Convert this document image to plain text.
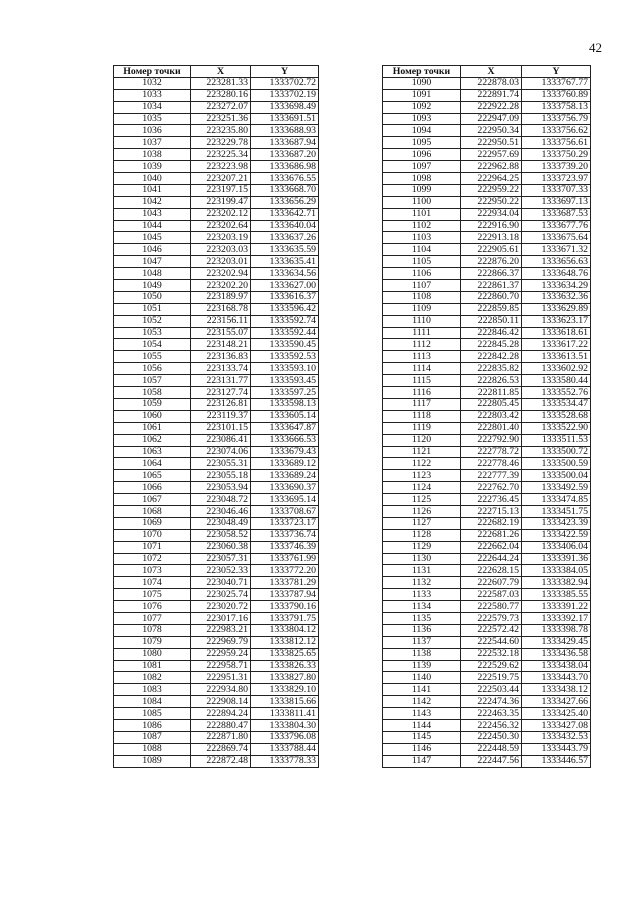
42
Номер точки	X	Y
1032	223281.33	1333702.72
1033	223280.16	1333702.19
1034	223272.07	1333698.49
1035	223251.36	1333691.51
1036	223235.80	1333688.93
1037	223229.78	1333687.94
1038	223225.34	1333687.20
1039	223223.98	1333686.98
1040	223207.21	1333676.55
1041	223197.15	1333668.70
1042	223199.47	1333656.29
1043	223202.12	1333642.71
1044	223202.64	1333640.04
1045	223203.19	1333637.26
1046	223203.03	1333635.59
1047	223203.01	1333635.41
1048	223202.94	1333634.56
1049	223202.20	1333627.00
1050	223189.97	1333616.37
1051	223168.78	1333596.42
1052	223156.11	1333592.74
1053	223155.07	1333592.44
1054	223148.21	1333590.45
1055	223136.83	1333592.53
1056	223133.74	1333593.10
1057	223131.77	1333593.45
1058	223127.74	1333597.25
1059	223126.81	1333598.13
1060	223119.37	1333605.14
1061	223101.15	1333647.87
1062	223086.41	1333666.53
1063	223074.06	1333679.43
1064	223055.31	1333689.12
1065	223055.18	1333689.24
1066	223053.94	1333690.37
1067	223048.72	1333695.14
1068	223046.46	1333708.67
1069	223048.49	1333723.17
1070	223058.52	1333736.74
1071	223060.38	1333746.39
1072	223057.31	1333761.99
1073	223052.33	1333772.20
1074	223040.71	1333781.29
1075	223025.74	1333787.94
1076	223020.72	1333790.16
1077	223017.16	1333791.75
1078	222983.21	1333804.12
1079	222969.79	1333812.12
1080	222959.24	1333825.65
1081	222958.71	1333826.33
1082	222951.31	1333827.80
1083	222934.80	1333829.10
1084	222908.14	1333815.66
1085	222894.24	1333811.41
1086	222880.47	1333804.30
1087	222871.80	1333796.08
1088	222869.74	1333788.44
1089	222872.48	1333778.33
Номер точки	X	Y
1090	222878.03	1333767.77
1091	222891.74	1333760.89
1092	222922.28	1333758.13
1093	222947.09	1333756.79
1094	222950.34	1333756.62
1095	222950.51	1333756.61
1096	222957.69	1333750.29
1097	222962.88	1333739.20
1098	222964.25	1333723.97
1099	222959.22	1333707.33
1100	222950.22	1333697.13
1101	222934.04	1333687.53
1102	222916.90	1333677.76
1103	222913.18	1333675.64
1104	222905.61	1333671.32
1105	222876.20	1333656.63
1106	222866.37	1333648.76
1107	222861.37	1333634.29
1108	222860.70	1333632.36
1109	222859.85	1333629.89
1110	222850.11	1333623.17
1111	222846.42	1333618.61
1112	222845.28	1333617.22
1113	222842.28	1333613.51
1114	222835.82	1333602.92
1115	222826.53	1333580.44
1116	222811.85	1333552.76
1117	222805.45	1333534.47
1118	222803.42	1333528.68
1119	222801.40	1333522.90
1120	222792.90	1333511.53
1121	222778.72	1333500.72
1122	222778.46	1333500.59
1123	222777.39	1333500.04
1124	222762.70	1333492.59
1125	222736.45	1333474.85
1126	222715.13	1333451.75
1127	222682.19	1333423.39
1128	222681.26	1333422.59
1129	222662.04	1333406.04
1130	222644.24	1333391.36
1131	222628.15	1333384.05
1132	222607.79	1333382.94
1133	222587.03	1333385.55
1134	222580.77	1333391.22
1135	222579.73	1333392.17
1136	222572.42	1333398.78
1137	222544.60	1333429.45
1138	222532.18	1333436.58
1139	222529.62	1333438.04
1140	222519.75	1333443.70
1141	222503.44	1333438.12
1142	222474.36	1333427.66
1143	222463.35	1333425.40
1144	222456.32	1333427.08
1145	222450.30	1333432.53
1146	222448.59	1333443.79
1147	222447.56	1333446.57
